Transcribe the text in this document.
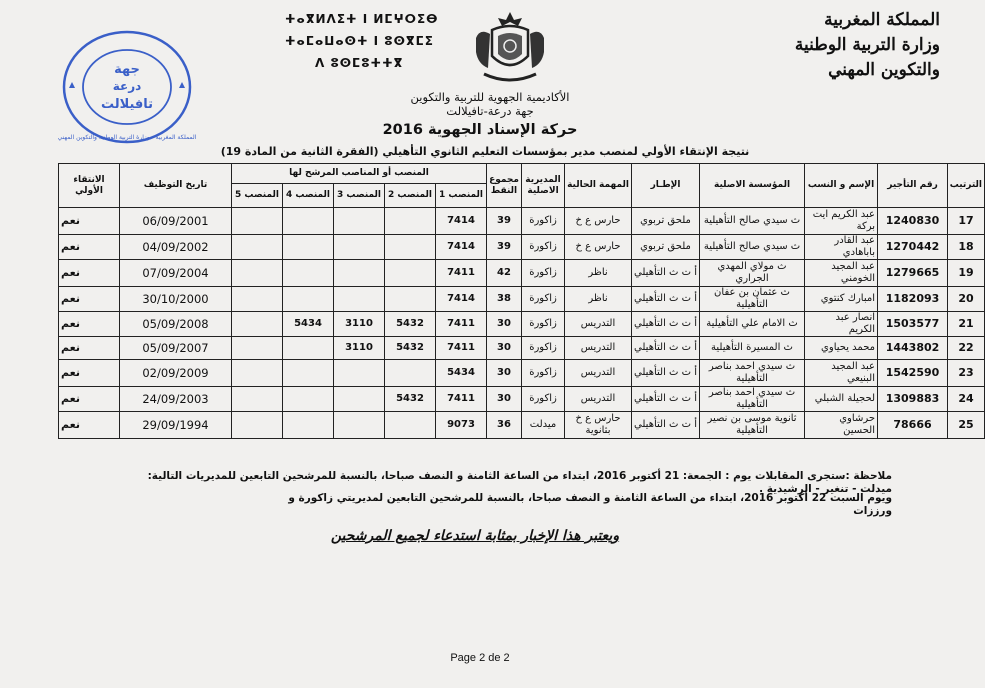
المملكة المغربية
وزارة التربية الوطنية
والتكوين المهني
ⵜⴰⴳⵍⴷⵉⵜ ⵏ ⵍⵎⵖⵔⵉⴱ
ⵜⴰⵎⴰⵡⴰⵙⵜ ⵏ ⵓⵙⴳⵎⵉ
ⴷ ⵓⵙⵎⵓⵜⵜⴳ
جهة
درعة
تافيلالت
المملكة المغربية - وزارة التربية الوطنية والتكوين المهني
الأكاديمية الجهوية للتربية والتكوين
جهة درعة-تافيلالت
حركة الإسناد الجهوية 2016
نتيجة الإنتقاء الأولي لمنصب مدير بمؤسسات التعليم الثانوي التأهيلي (الفقرة الثانية من المادة 19)
الترتيب	رقم التأجير	الإسم و النسب	المؤسسة الاصلية	الإطـار	المهمة الحالية	المديرية الاصلية	مجموع النقط	المنصب أو المناصب المرشح لها					تاريخ التوظيف	الانتقاء الأولي
								المنصب 1	المنصب 2	المنصب 3	المنصب 4	المنصب 5		
17	1240830	عبد الكريم ايت بركة	ث سيدي صالح التأهيلية	ملحق تربوي	حارس ع خ	زاكورة	39	7414					06/09/2001	نعم
18	1270442	عبد القادر باباهادي	ث سيدي صالح التأهيلية	ملحق تربوي	حارس ع خ	زاكورة	39	7414					04/09/2002	نعم
19	1279665	عبد المجيد الخومني	ث مولاي المهدي الجراري	أ ت ث التأهيلي	ناظر	زاكورة	42	7411					07/09/2004	نعم
20	1182093	امبارك كنتوي	ث عثمان بن عفان التأهيلية	أ ت ث التأهيلي	ناظر	زاكورة	38	7414					30/10/2000	نعم
21	1503577	انصار عبد الكريم	ث الامام علي التأهيلية	أ ت ث التأهيلي	التدريس	زاكورة	30	7411	5432	3110	5434		05/09/2008	نعم
22	1443802	محمد يحياوي	ث المسيرة التأهيلية	أ ت ث التأهيلي	التدريس	زاكورة	30	7411	5432	3110			05/09/2007	نعم
23	1542590	عبد المجيد البنيعي	ث سيدي احمد بناصر التأهيلية	أ ت ث التأهيلي	التدريس	زاكورة	30	5434					02/09/2009	نعم
24	1309883	لحجيلة الشبلي	ث سيدي احمد بناصر التأهيلية	أ ت ث التأهيلي	التدريس	زاكورة	30	7411	5432				24/09/2003	نعم
25	78666	حرشاوي الحسين	ثانوية موسى بن نصير التأهيلية	أ ت ث التأهيلي	حارس ع خ بثانوية	ميدلت	36	9073					29/09/1994	نعم
ملاحظة :ستجرى المقابلات يوم : الجمعة: 21 أكتوبر 2016، ابتداء من الساعة الثامنة و النصف صباحا، بالنسبة للمرشحين التابعين للمديريات التالية: ميدلت - تنغير - الرشيدية .
ويوم السبت 22 أكتوبر 2016، ابتداء من الساعة الثامنة و النصف صباحا، بالنسبة للمرشحين التابعين لمديريتي زاكورة و ورززات
ويعتبر هذا الإخبار بمثابة استدعاء لجميع المرشحين
Page 2 de 2
